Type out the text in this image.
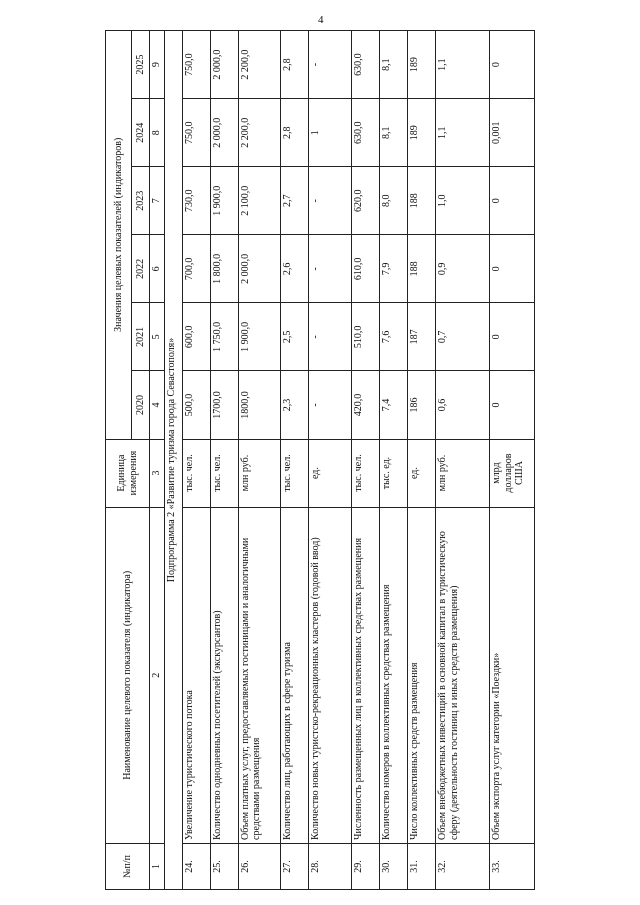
4
№п/п	Наименование целевого показателя (индикатора)	Единица измерения	Значения целевых показателей (индикаторов)					
			2020	2021	2022	2023	2024	2025
1	2	3	4	5	6	7	8	9
Подпрограмма 2 «Развитие туризма города Севастополя»								
24.	Увеличение туристического потока	тыс. чел.	500,0	600,0	700,0	730,0	750,0	750,0
25.	Количество однодневных посетителей (экскурсантов)	тыс. чел.	1700,0	1 750,0	1 800,0	1 900,0	2 000,0	2 000,0
26.	Объем платных услуг, предоставляемых гостиницами и аналогичными средствами размещения	млн руб.	1800,0	1 900,0	2 000,0	2 100,0	2 200,0	2 200,0
27.	Количество лиц, работающих в сфере туризма	тыс. чел.	2,3	2,5	2,6	2,7	2,8	2,8
28.	Количество новых туристско-рекреационных кластеров (годовой ввод)	ед.	-	-	-	-	1	-
29.	Численность размещенных лиц в коллективных средствах размещения	тыс. чел.	420,0	510,0	610,0	620,0	630,0	630,0
30.	Количество номеров в коллективных средствах размещения	тыс. ед.	7,4	7,6	7,9	8,0	8,1	8,1
31.	Число коллективных средств размещения	ед.	186	187	188	188	189	189
32.	Объем внебюджетных инвестиций в основной капитал в туристическую сферу (деятельность гостиниц и иных средств размещения)	млн руб.	0,6	0,7	0,9	1,0	1,1	1,1
33.	Объем экспорта услуг категории «Поездки»	млрд долларов США	0	0	0	0	0,001	0
